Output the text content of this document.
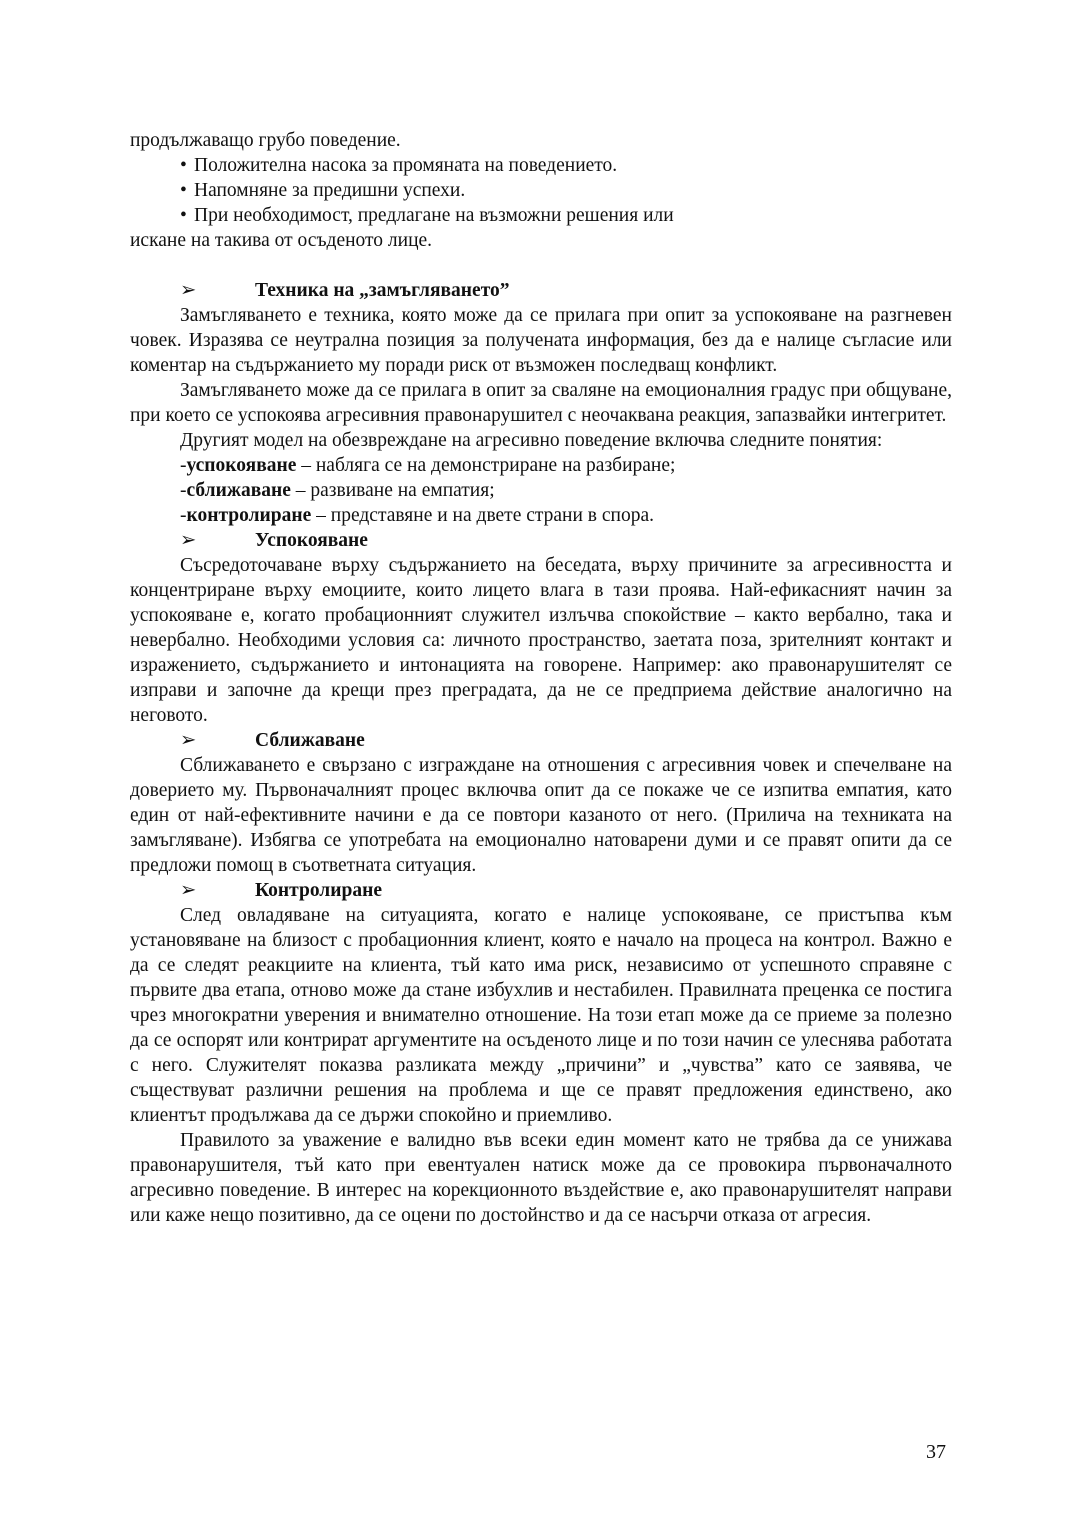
продължаващо грубо поведение.

• Положителна насока за промяната на поведението.

• Напомняне за предишни успехи.

• При необходимост, предлагане на възможни решения или

искане на такива от осъденото лице.

➢	Техника на „замъгляването”

Замъгляването е техника, която може да се прилага при опит за успокояване на разгневен човек. Изразява се неутрална позиция за получената информация, без да е налице съгласие или коментар на съдържанието му поради риск от възможен последващ конфликт.

Замъгляването може да се прилага в опит за сваляне на емоционалния градус при общуване, при което се успокоява агресивния правонарушител с неочаквана реакция, запазвайки интегритет.

Другият модел на обезвреждане на агресивно поведение включва следните понятия:

-успокояване – наблягa се на демонстриране на разбиране;

-сближаване – развиване на емпатия;

-контролиране – представяне и на двете страни в спора.

➢	Успокояване

Съсредоточаване върху съдържанието на беседата, върху причините за агресивността и концентриране върху емоциите, които лицето влага в тази проява. Най-ефикасният начин за успокояване е, когато пробационният служител излъчва спокойствие – както вербално, така и невербално. Необходими условия са: личното пространство, заетата поза, зрителният контакт и изражението, съдържанието и интонацията на говорене. Например: ако правонарушителят се изправи и започне да крещи през преградата, да не се предприема действие аналогично на неговото.

➢	Сближаване

Сближаването е свързано с изграждане на отношения с агресивния човек и спечелване на доверието му. Първоначалният процес включва опит да се покаже че се изпитва емпатия, като един от най-ефективните начини е да се повтори казаното от него. (Прилича на техниката на замъгляване). Избягва се употребата на емоционално натоварени думи и се правят опити да се предложи помощ в съответната ситуация.

➢	Контролиране

След овладяване на ситуацията, когато е налице успокояване, се пристъпва към установяване на близост с пробационния клиент, която е начало на процеса на контрол. Важно е да се следят реакциите на клиента, тъй като има риск, независимо от успешното справяне с първите два етапа, отново може да стане избухлив и нестабилен. Правилната преценка се постига чрез многократни уверения и внимателно отношение. На този етап може да се приеме за полезно да се оспорят или контрират аргументите на осъденото лице и по този начин се улеснява работата с него. Служителят показва разликата между „причини” и „чувства” като се заявява, че съществуват различни решения на проблема и ще се правят предложения единствено, ако клиентът продължава да се държи спокойно и приемливо.

Правилото за уважение е валидно във всеки един момент като не трябва да се унижава правонарушителя, тъй като при евентуален натиск може да се провокира първоначалното агресивно поведение. В интерес на корекционното въздействие е, ако правонарушителят направи или каже нещо позитивно, да се оцени по достойнство и да се насърчи отказа от агресия.

37
